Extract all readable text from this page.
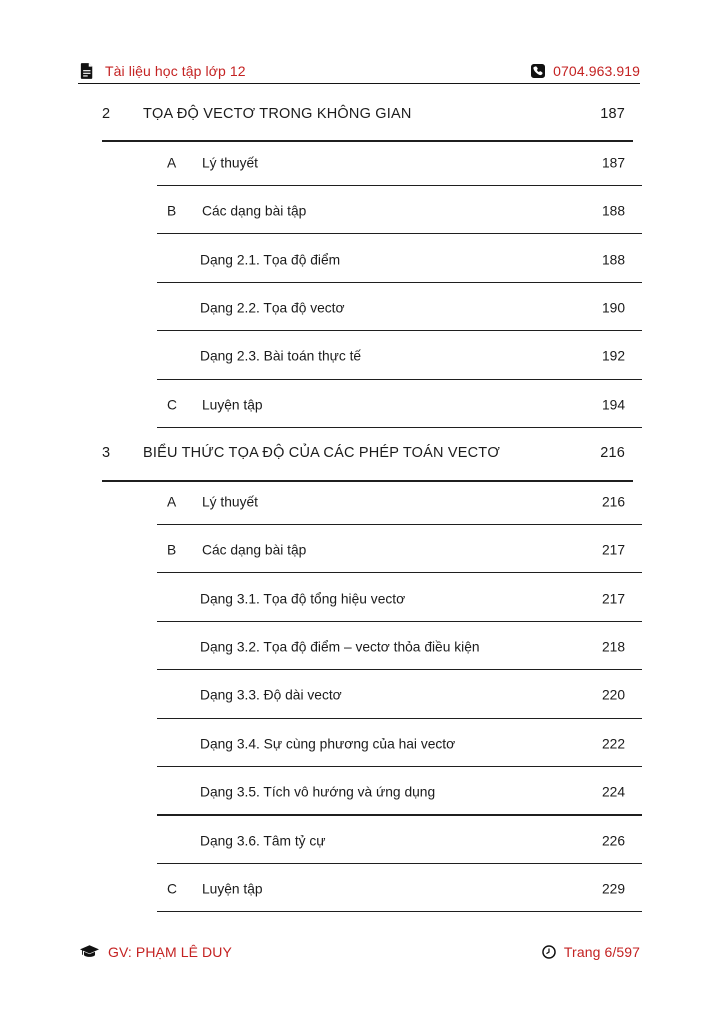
Tài liệu học tập lớp 12	0704.963.919
2 TỌA ĐỘ VECTƠ TRONG KHÔNG GIAN	187
A Lý thuyết	187
B Các dạng bài tập	188
Dạng 2.1. Tọa độ điểm	188
Dạng 2.2. Tọa độ vectơ	190
Dạng 2.3. Bài toán thực tế	192
C Luyện tập	194
3 BIỂU THỨC TỌA ĐỘ CỦA CÁC PHÉP TOÁN VECTƠ	216
A Lý thuyết	216
B Các dạng bài tập	217
Dạng 3.1. Tọa độ tổng hiệu vectơ	217
Dạng 3.2. Tọa độ điểm – vectơ thỏa điều kiện	218
Dạng 3.3. Độ dài vectơ	220
Dạng 3.4. Sự cùng phương của hai vectơ	222
Dạng 3.5. Tích vô hướng và ứng dụng	224
Dạng 3.6. Tâm tỷ cự	226
C Luyện tập	229
GV: PHẠM LÊ DUY	Trang 6/597
